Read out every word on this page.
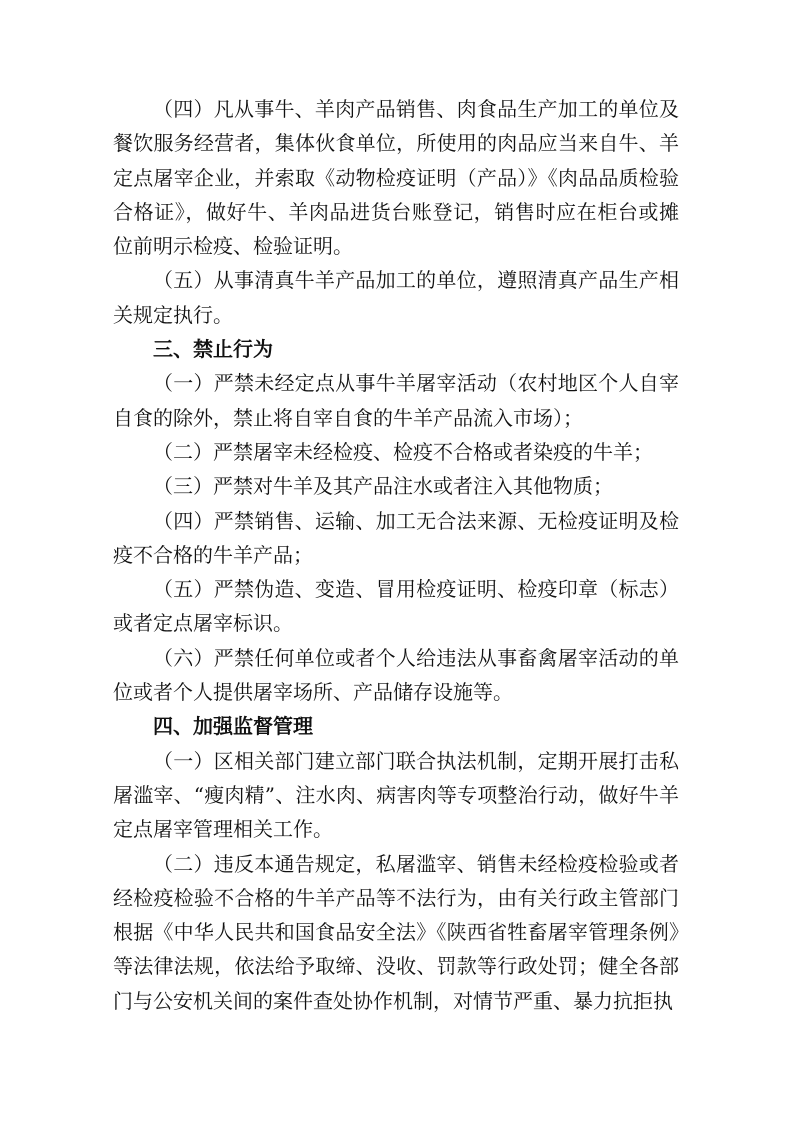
（四）凡从事牛、羊肉产品销售、肉食品生产加工的单位及餐饮服务经营者，集体伙食单位，所使用的肉品应当来自牛、羊定点屠宰企业，并索取《动物检疫证明（产品）》《肉品品质检验合格证》，做好牛、羊肉品进货台账登记，销售时应在柜台或摊位前明示检疫、检验证明。

（五）从事清真牛羊产品加工的单位，遵照清真产品生产相关规定执行。

三、禁止行为

（一）严禁未经定点从事牛羊屠宰活动（农村地区个人自宰自食的除外，禁止将自宰自食的牛羊产品流入市场）；

（二）严禁屠宰未经检疫、检疫不合格或者染疫的牛羊；

（三）严禁对牛羊及其产品注水或者注入其他物质；

（四）严禁销售、运输、加工无合法来源、无检疫证明及检疫不合格的牛羊产品；

（五）严禁伪造、变造、冒用检疫证明、检疫印章（标志）或者定点屠宰标识。

（六）严禁任何单位或者个人给违法从事畜禽屠宰活动的单位或者个人提供屠宰场所、产品储存设施等。

四、加强监督管理

（一）区相关部门建立部门联合执法机制，定期开展打击私屠滥宰、“瘦肉精”、注水肉、病害肉等专项整治行动，做好牛羊定点屠宰管理相关工作。

（二）违反本通告规定，私屠滥宰、销售未经检疫检验或者经检疫检验不合格的牛羊产品等不法行为，由有关行政主管部门根据《中华人民共和国食品安全法》《陕西省牲畜屠宰管理条例》等法律法规，依法给予取缔、没收、罚款等行政处罚；健全各部门与公安机关间的案件查处协作机制，对情节严重、暴力抗拒执
